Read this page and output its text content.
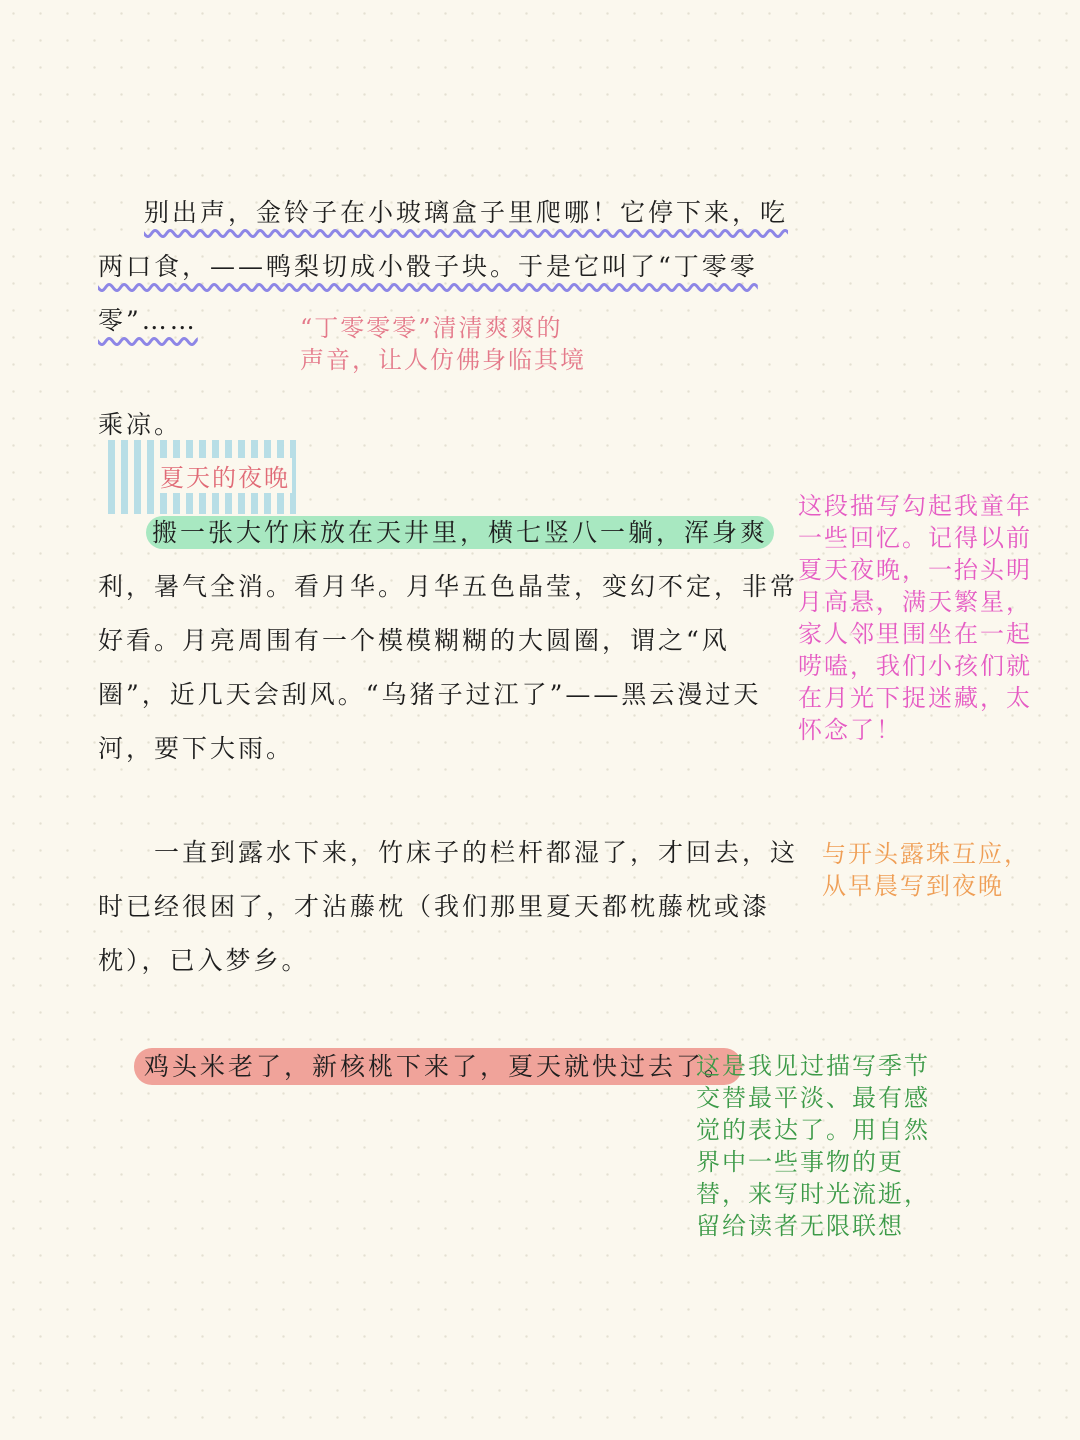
别出声，金铃子在小玻璃盒子里爬哪！它停下来，吃
两口食，——鸭梨切成小骰子块。于是它叫了“丁零零
零”……	“丁零零零”清清爽爽的
声音，让人仿佛身临其境
乘凉。
夏天的夜晚
搬一张大竹床放在天井里，横七竖八一躺，浑身爽
利，暑气全消。看月华。月华五色晶莹，变幻不定，非常
好看。月亮周围有一个模模糊糊的大圆圈，谓之“风
圈”，近几天会刮风。“乌猪子过江了”——黑云漫过天
河，要下大雨。
这段描写勾起我童年
一些回忆。记得以前
夏天夜晚，一抬头明
月高悬，满天繁星，
家人邻里围坐在一起
唠嗑，我们小孩们就
在月光下捉迷藏，太
怀念了！
一直到露水下来，竹床子的栏杆都湿了，才回去，这
时已经很困了，才沾藤枕（我们那里夏天都枕藤枕或漆
枕），已入梦乡。
与开头露珠互应，
从早晨写到夜晚
鸡头米老了，新核桃下来了，夏天就快过去了。
这是我见过描写季节
交替最平淡、最有感
觉的表达了。用自然
界中一些事物的更
替，来写时光流逝，
留给读者无限联想
